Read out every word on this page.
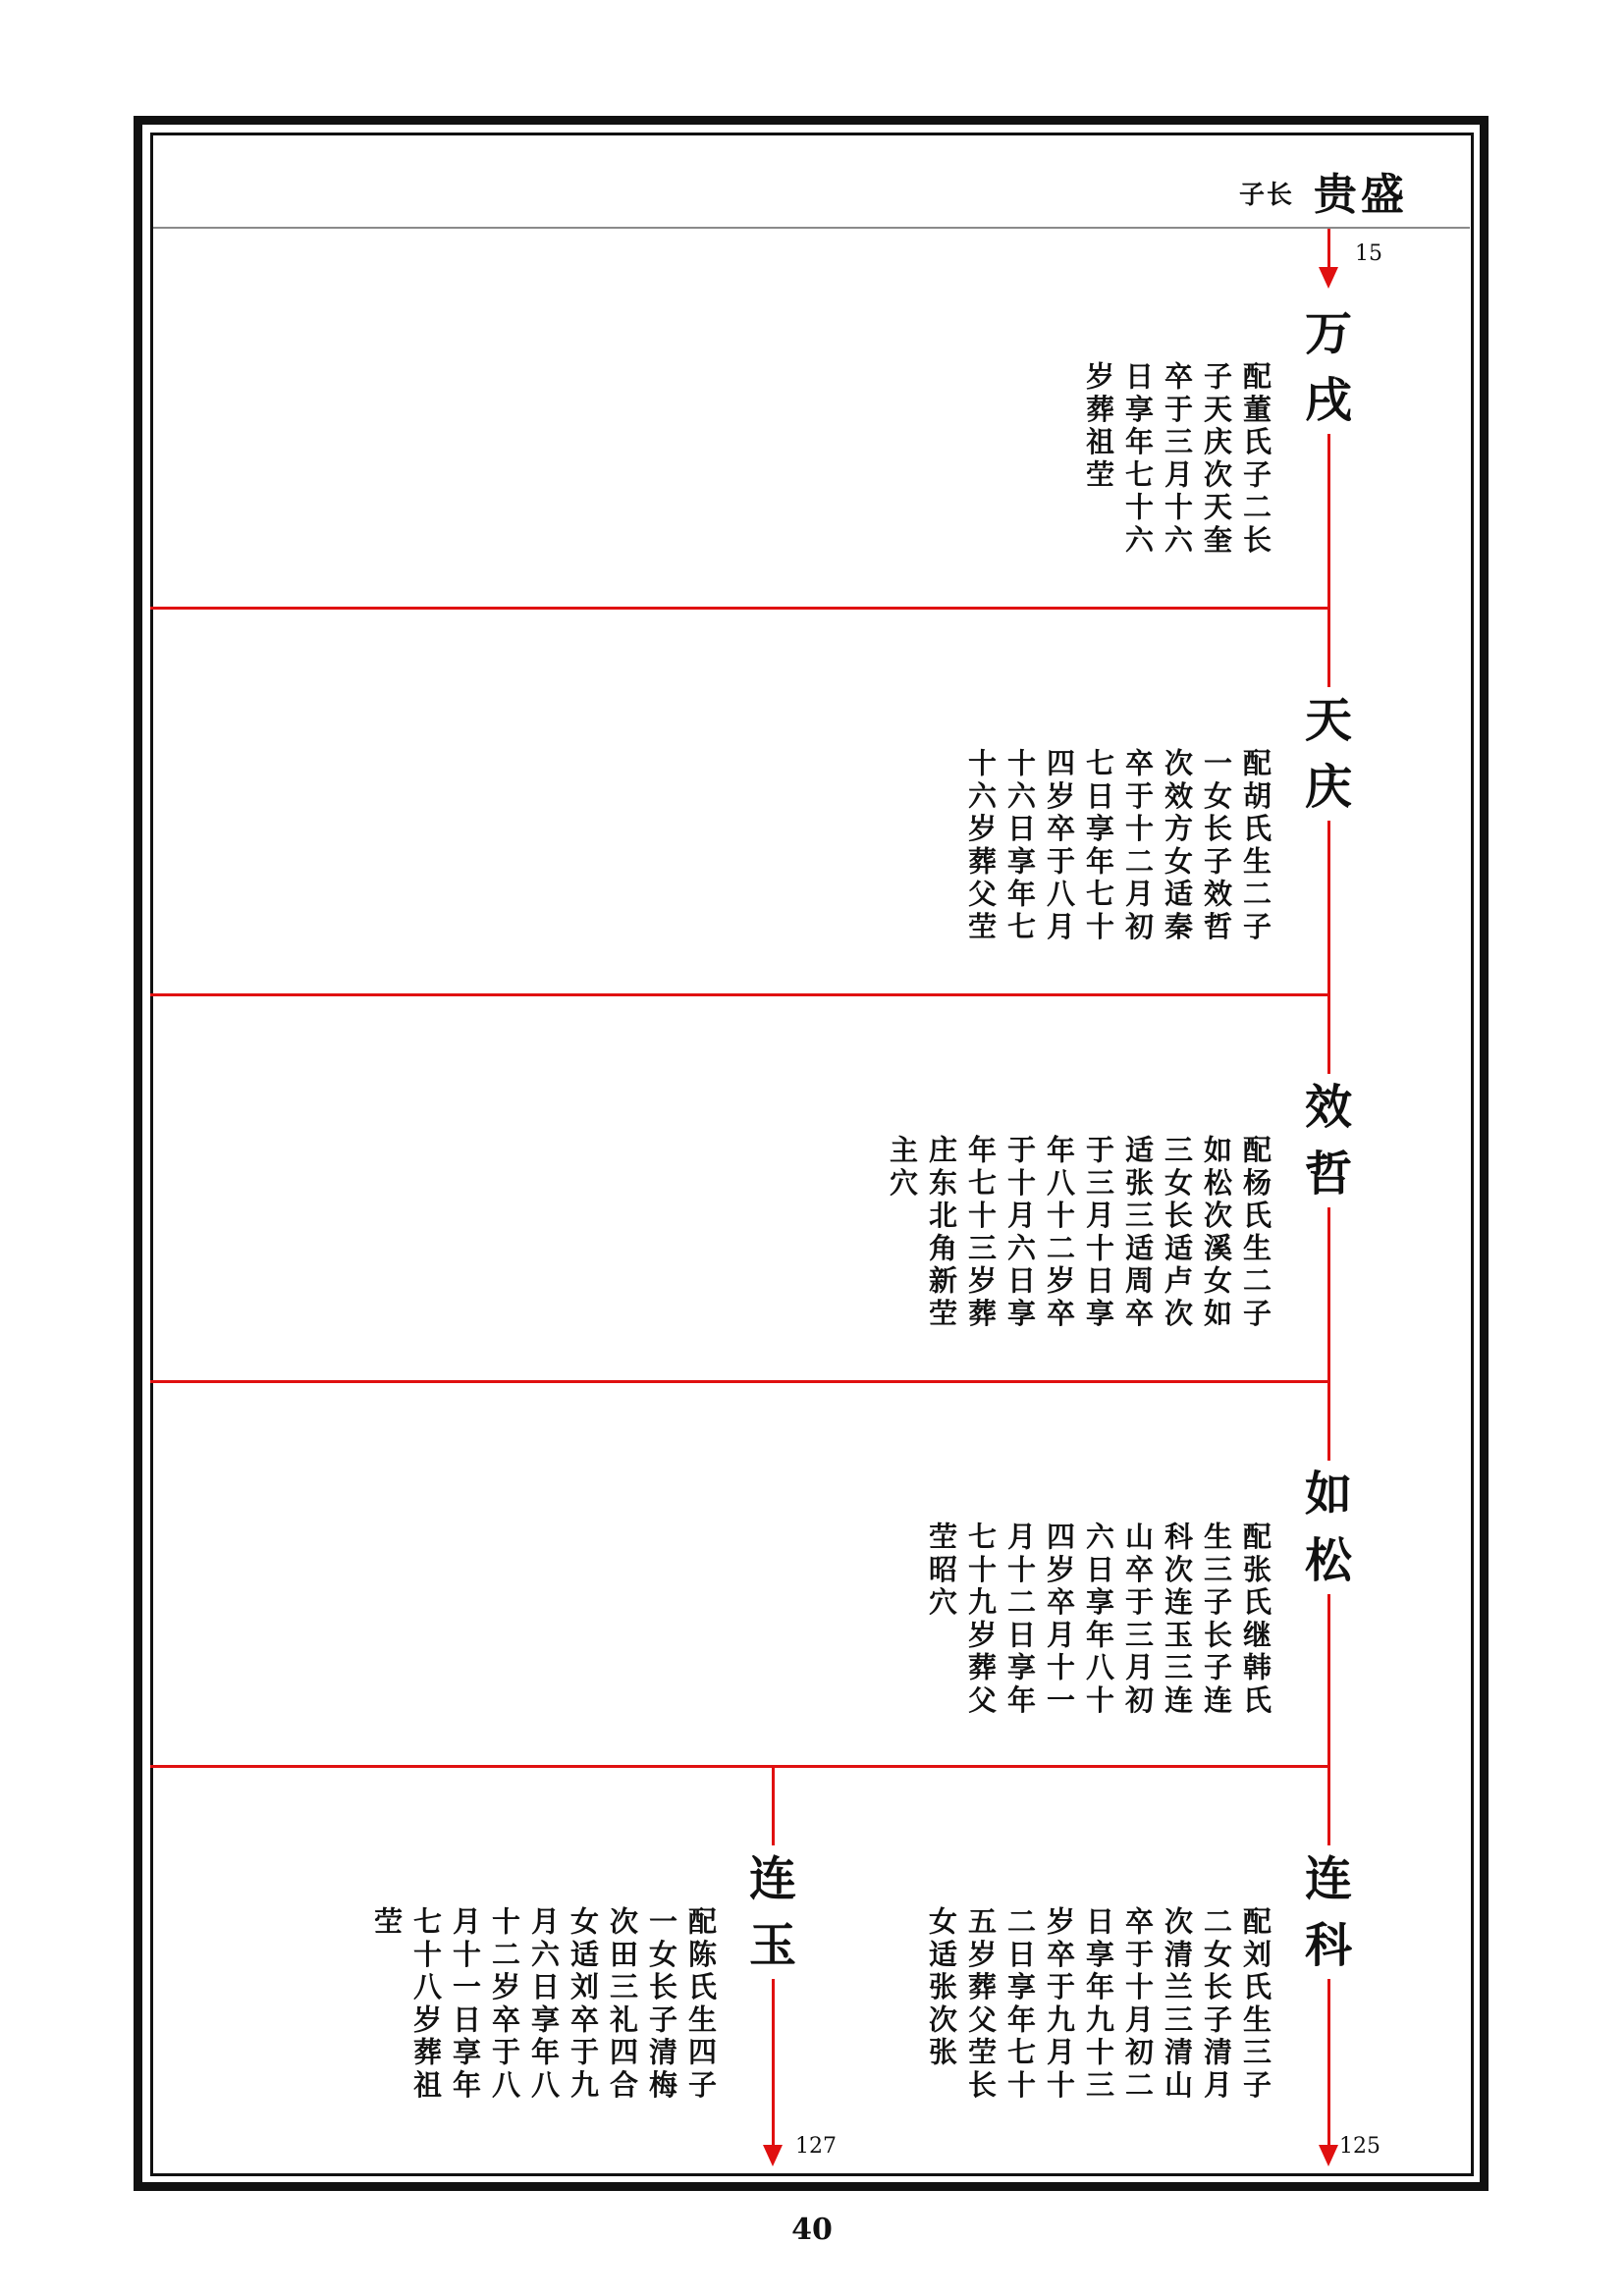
子长 贵盛
15
125
127
万
戌
配董氏子二长
子天庆次天奎
卒于三月十六
日享年七十六
岁葬祖茔
天
庆
配胡氏生二子
一女长子效哲
次效方女适秦
卒于十二月初
七日享年七十
四岁卒于八月
十六日享年七
十六岁葬父茔
效
哲
配杨氏生二子
如松次溪女如
三女长适卢次
适张三适周卒
于三月十日享
年八十二岁卒
于十月六日享
年七十三岁葬
庄东北角新茔
主穴
如
松
配张氏继韩氏
生三子长子连
科次连玉三连
山卒于三月初
六日享年八十
四岁卒月十一
月十二日享年
七十九岁葬父
茔昭穴
连
科
配刘氏生三子
二女长子清月
次清兰三清山
卒于十月初二
日享年九十三
岁卒于九月十
二日享年七十
五岁葬父茔长
女适张次张
连
玉
配陈氏生四子
一女长子清梅
次田三礼四合
女适刘卒于九
月六日享年八
十二岁卒于八
月十一日享年
七十八岁葬祖
茔
40
